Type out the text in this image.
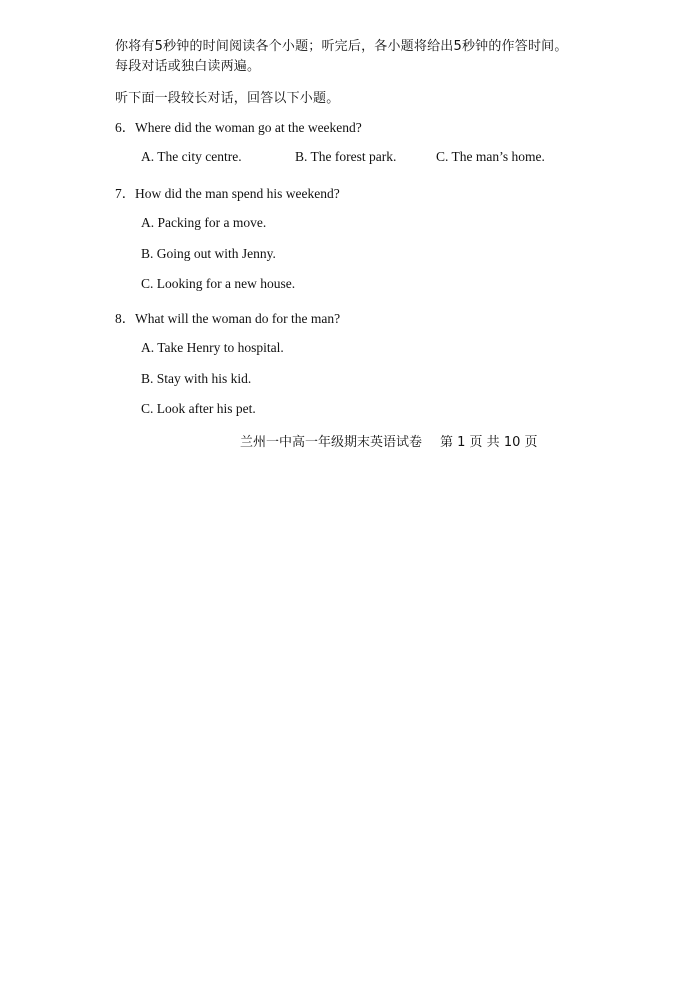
你将有5秒钟的时间阅读各个小题；听完后，各小题将给出5秒钟的作答时间。
每段对话或独白读两遍。
听下面一段较长对话，回答以下小题。
6．Where did the woman go at the weekend?
A. The city centre.	B. The forest park.	C. The man’s home.
7．How did the man spend his weekend?
A. Packing for a move.
B. Going out with Jenny.
C. Looking for a new house.
8．What will the woman do for the man?
A. Take Henry to hospital.
B. Stay with his kid.
C. Look after his pet.
兰州一中高一年级期末英语试卷 第 1 页 共 10 页
